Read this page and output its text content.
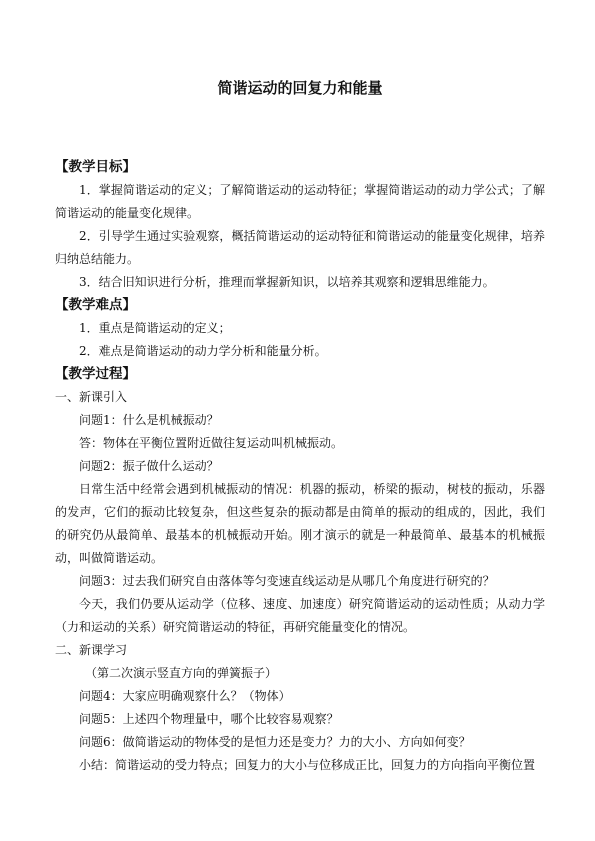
简谐运动的回复力和能量

【教学目标】

1．掌握简谐运动的定义；了解简谐运动的运动特征；掌握简谐运动的动力学公式；了解简谐运动的能量变化规律。

2．引导学生通过实验观察，概括简谐运动的运动特征和简谐运动的能量变化规律，培养归纳总结能力。

3．结合旧知识进行分析，推理而掌握新知识，以培养其观察和逻辑思维能力。

【教学难点】

1．重点是简谐运动的定义；

2．难点是简谐运动的动力学分析和能量分析。

【教学过程】

一、新课引入

问题1：什么是机械振动？

答：物体在平衡位置附近做往复运动叫机械振动。

问题2：振子做什么运动？

日常生活中经常会遇到机械振动的情况：机器的振动，桥梁的振动，树枝的振动，乐器的发声，它们的振动比较复杂，但这些复杂的振动都是由简单的振动的组成的，因此，我们的研究仍从最简单、最基本的机械振动开始。刚才演示的就是一种最简单、最基本的机械振动，叫做简谐运动。

问题3：过去我们研究自由落体等匀变速直线运动是从哪几个角度进行研究的？

今天，我们仍要从运动学（位移、速度、加速度）研究简谐运动的运动性质；从动力学（力和运动的关系）研究简谐运动的特征，再研究能量变化的情况。

二、新课学习

（第二次演示竖直方向的弹簧振子）

问题4：大家应明确观察什么？（物体）

问题5：上述四个物理量中，哪个比较容易观察？

问题6：做简谐运动的物体受的是恒力还是变力？力的大小、方向如何变？

小结：简谐运动的受力特点；回复力的大小与位移成正比，回复力的方向指向平衡位置
